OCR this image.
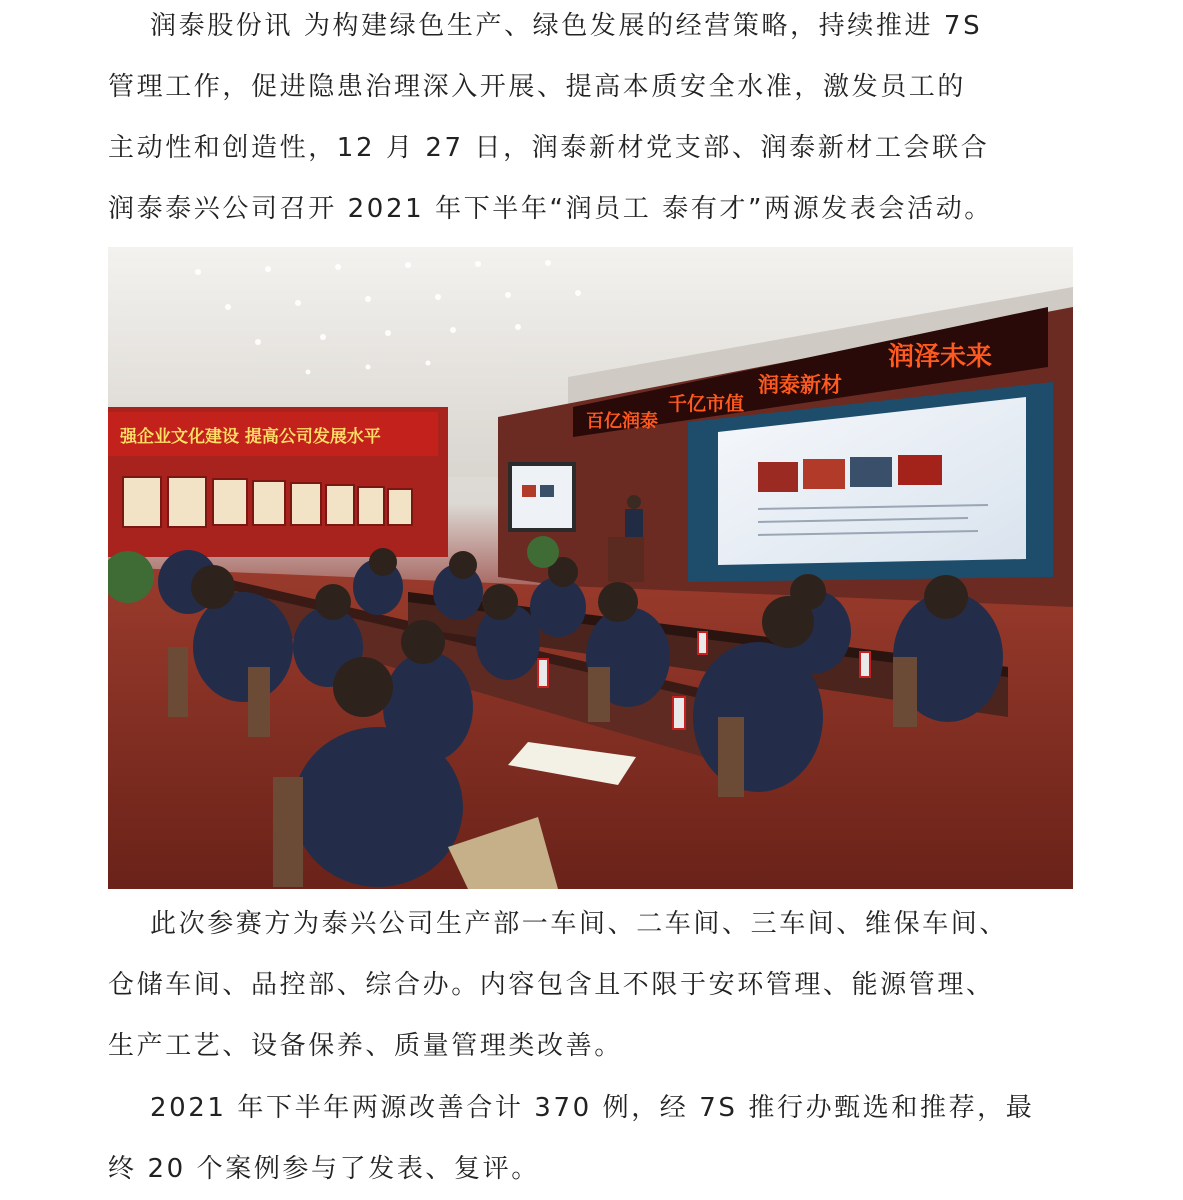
润泰股份讯 为构建绿色生产、绿色发展的经营策略，持续推进 7S
管理工作，促进隐患治理深入开展、提高本质安全水准，激发员工的
主动性和创造性，12 月 27 日，润泰新材党支部、润泰新材工会联合
润泰泰兴公司召开 2021 年下半年“润员工 泰有才”两源发表会活动。
强企业文化建设 提高公司发展水平
百亿润泰
千亿市值
润泰新材
润泽未来
此次参赛方为泰兴公司生产部一车间、二车间、三车间、维保车间、
仓储车间、品控部、综合办。内容包含且不限于安环管理、能源管理、
生产工艺、设备保养、质量管理类改善。
2021 年下半年两源改善合计 370 例，经 7S 推行办甄选和推荐，最
终 20 个案例参与了发表、复评。
